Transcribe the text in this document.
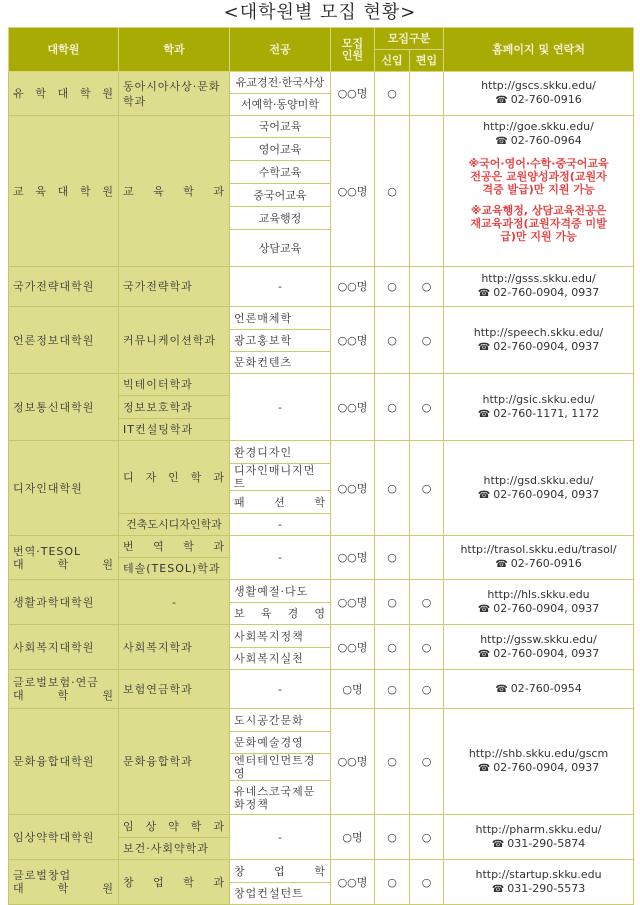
<대학원별 모집 현황>
대학원	학과	전공	모집인원	모집구분		홈페이지 및 연락처
				신입	편입	
유 학 대 학 원	동아시아사상·문화학과	유교경전·한국사상	○○명	○		http://gscs.skku.edu/
☎ 02-760-0916

		서예학·동양미학				
교 육 대 학 원	교 육 학 과	국어교육	○○명	○		http://goe.skku.edu/
☎ 02-760-0964
※국어·영어·수학·중국어교육 전공은 교원양성과정(교원자격증 발급)만 지원 가능
※교육행정, 상담교육전공은 재교육과정(교원자격증 미발급)만 지원 가능

		영어교육				
		수학교육				
		중국어교육				
		교육행정				
		상담교육				
국가전략대학원	국가전략학과	-	○○명	○	○	http://gsss.skku.edu/
☎ 02-760-0904, 0937

언론정보대학원	커뮤니케이션학과	언론매체학	○○명	○	○	http://speech.skku.edu/
☎ 02-760-0904, 0937

		광고홍보학				
		문화컨텐츠				
정보통신대학원	빅테이터학과	-	○○명	○	○	http://gsic.skku.edu/
☎ 02-760-1171, 1172

	정보보호학과					
	IT컨설팅학과					
디자인대학원	디 자 인 학 과	환경디자인	○○명	○	○	http://gsd.skku.edu/
☎ 02-760-0904, 0937

		디자인매니지먼트				
		패 션 학				
	건축도시디자인학과	-				

번역·TESOL
대 학 원	번 역 학 과	-	○○명	○		http://trasol.skku.edu/trasol/
☎ 02-760-0916

	테솔(TESOL)학과					
생활과학대학원	-	생활예절·다도	○○명	○	○	http://hls.skku.edu
☎ 02-760-0904, 0937

		보 육 경 영				
사회복지대학원	사회복지학과	사회복지정책	○○명	○	○	http://gssw.skku.edu/
☎ 02-760-0904, 0937

		사회복지실천				

글로벌보험·연금
대 학 원	보험연금학과	-	○명	○	○	☎ 02-760-0954

문화융합대학원	문화융합학과	도시공간문화	○○명	○	○	http://shb.skku.edu/gscm
☎ 02-760-0904, 0937

		문화예술경영				
		엔터테인먼트경영				
		유네스코국제문화정책				
임상약학대학원	임 상 약 학 과	-	○명	○	○	http://pharm.skku.edu/
☎ 031-290-5874

	보건·사회약학과					

글로벌창업
대 학 원	창 업 학 과	창 업 학	○○명	○	○	http://startup.skku.edu
☎ 031-290-5573

		창업컨설턴트				
